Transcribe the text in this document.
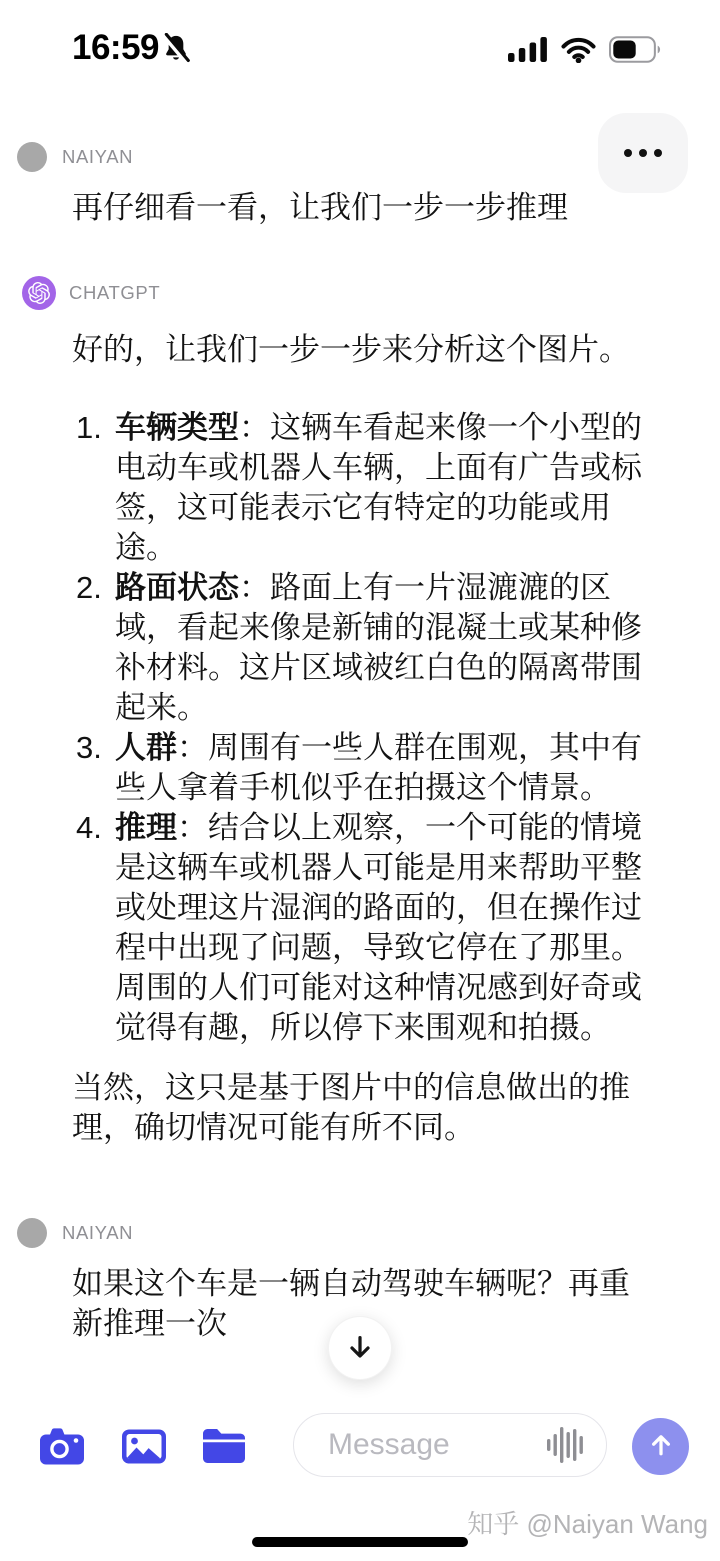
16:59
NAIYAN
再仔细看一看，让我们一步一步推理
CHATGPT
好的，让我们一步一步来分析这个图片。
1. 车辆类型：这辆车看起来像一个小型的电动车或机器人车辆，上面有广告或标签，这可能表示它有特定的功能或用途。
2. 路面状态：路面上有一片湿漉漉的区域，看起来像是新铺的混凝土或某种修补材料。这片区域被红白色的隔离带围起来。
3. 人群：周围有一些人群在围观，其中有些人拿着手机似乎在拍摄这个情景。
4. 推理：结合以上观察，一个可能的情境是这辆车或机器人可能是用来帮助平整或处理这片湿润的路面的，但在操作过程中出现了问题，导致它停在了那里。周围的人们可能对这种情况感到好奇或觉得有趣，所以停下来围观和拍摄。
当然，这只是基于图片中的信息做出的推理，确切情况可能有所不同。
NAIYAN
如果这个车是一辆自动驾驶车辆呢？再重新推理一次
Message
知乎 @Naiyan Wang
